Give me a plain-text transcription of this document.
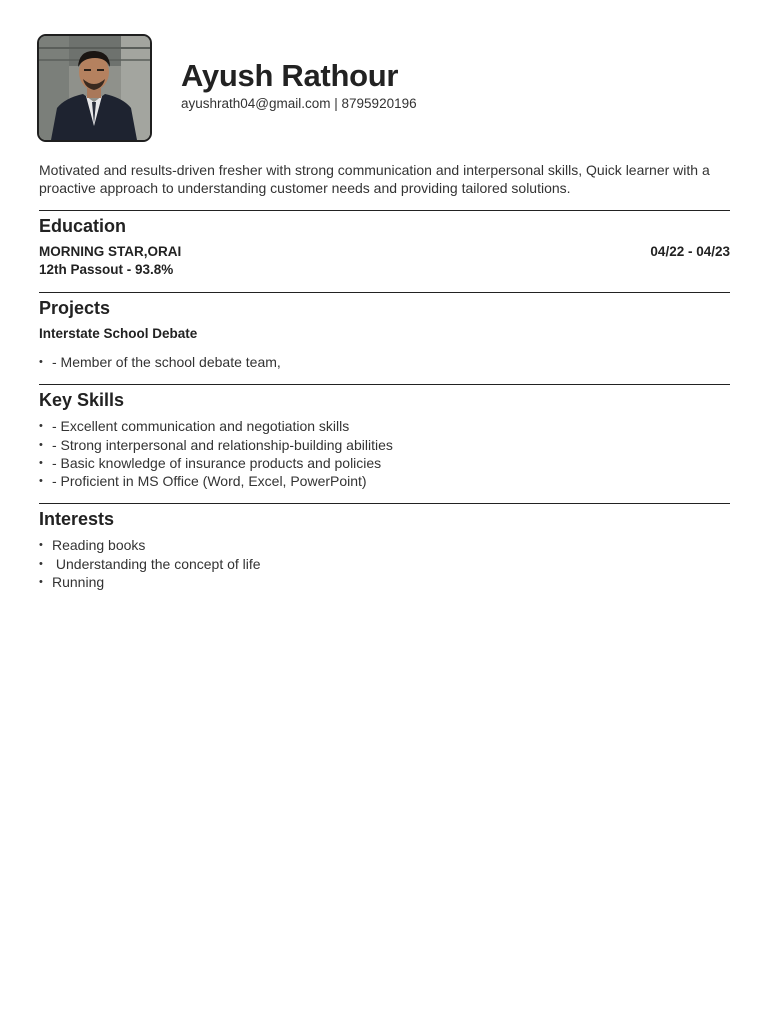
Ayush Rathour
ayushrath04@gmail.com | 8795920196
Motivated and results-driven fresher with strong communication and interpersonal skills, Quick learner with a proactive approach to understanding customer needs and providing tailored solutions.
Education
MORNING STAR,ORAI	04/22 - 04/23
12th Passout - 93.8%
Projects
Interstate School Debate
• - Member of the school debate team,
Key Skills
• - Excellent communication and negotiation skills
• - Strong interpersonal and relationship-building abilities
• - Basic knowledge of insurance products and policies
• - Proficient in MS Office (Word, Excel, PowerPoint)
Interests
• Reading books
• Understanding the concept of life
• Running
